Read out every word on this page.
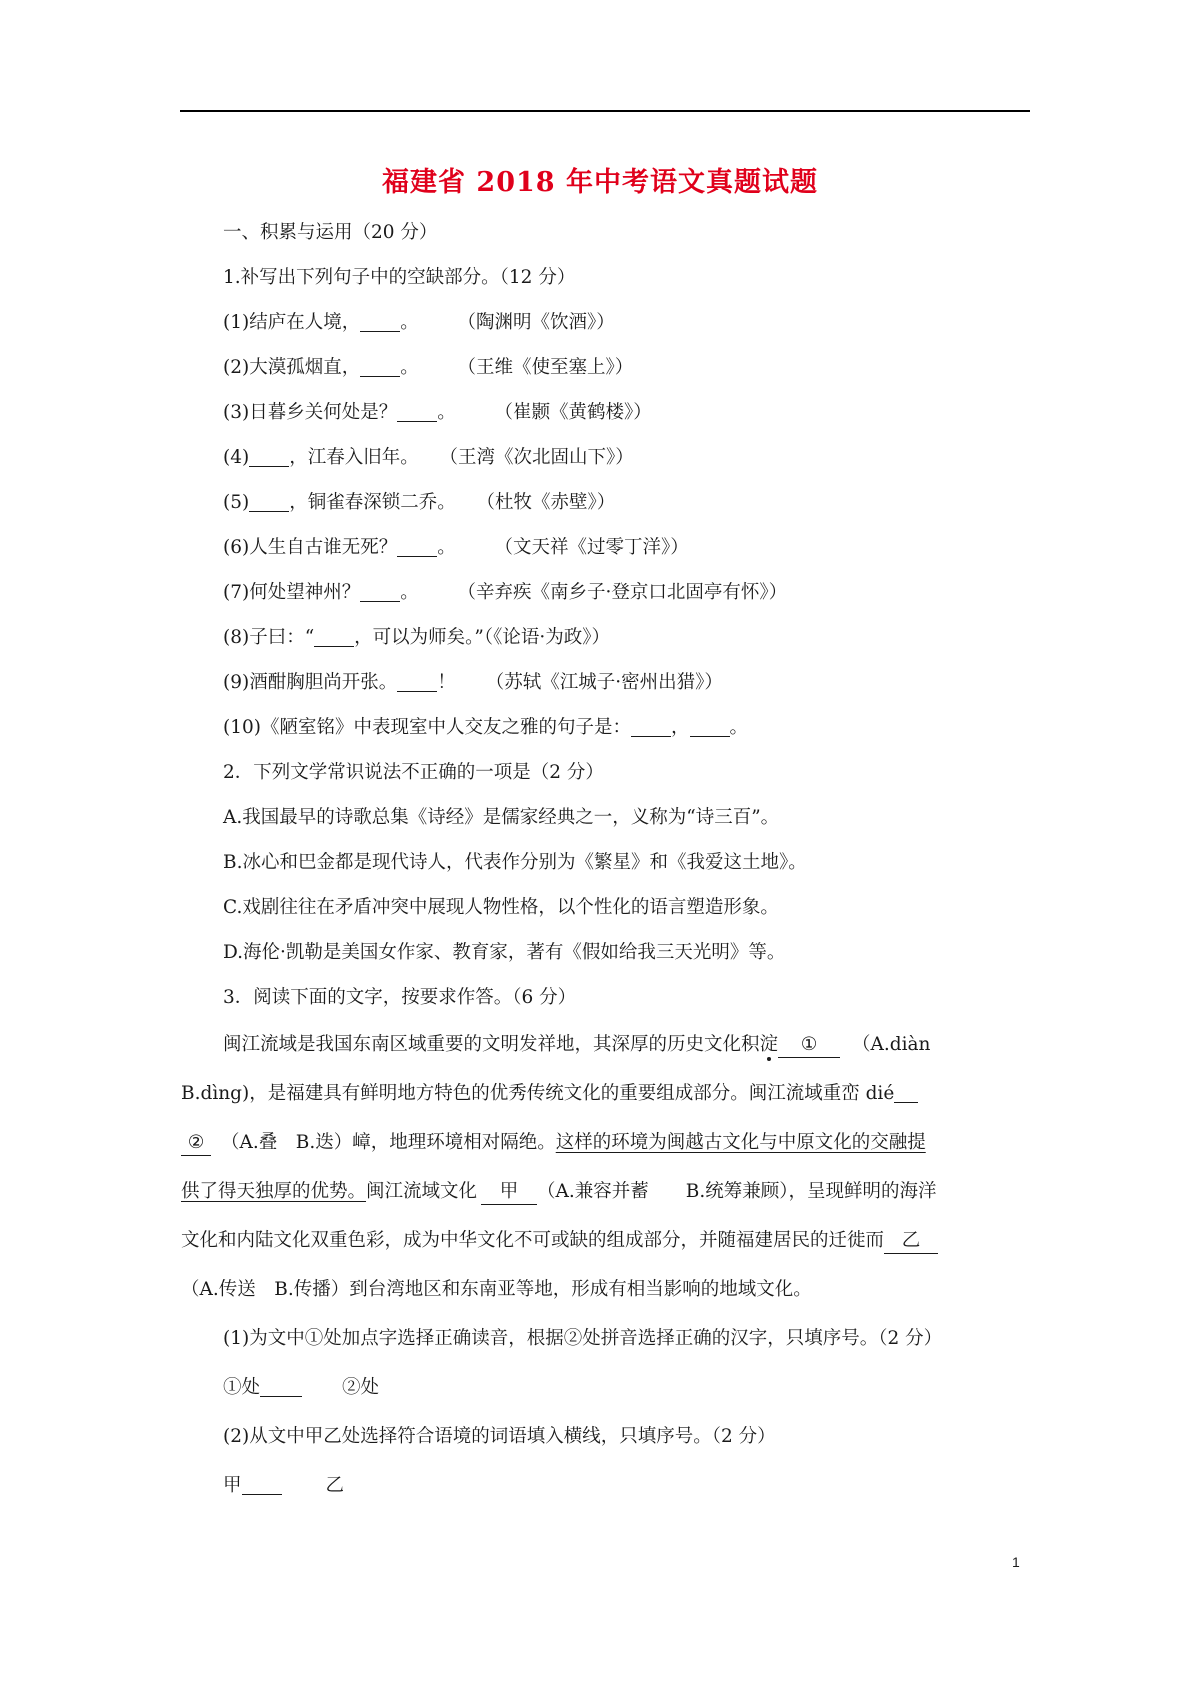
福建省 2018 年中考语文真题试题
一、积累与运用（20 分）
1.补写出下列句子中的空缺部分。（12 分）
(1)结庐在人境， 。	（陶渊明《饮酒》）
(2)大漠孤烟直， 。	（王维《使至塞上》）
(3)日暮乡关何处是？ 。	（崔颢《黄鹤楼》）
(4) ，江春入旧年。 （王湾《次北固山下》）
(5) ，铜雀春深锁二乔。 （杜牧《赤壁》）
(6)人生自古谁无死？ 。	（文天祥《过零丁洋》）
(7)何处望神州？ 。	（辛弃疾《南乡子·登京口北固亭有怀》）
(8)子曰：“ ，可以为师矣。”（《论语·为政》）
(9)酒酣胸胆尚开张。 ！ （苏轼《江城子·密州出猎》）
(10)《陋室铭》中表现室中人交友之雅的句子是： ， 。
2．下列文学常识说法不正确的一项是（2 分）
A.我国最早的诗歌总集《诗经》是儒家经典之一，义称为“诗三百”。
B.冰心和巴金都是现代诗人，代表作分别为《繁星》和《我爱这土地》。
C.戏剧往往在矛盾冲突中展现人物性格，以个性化的语言塑造形象。
D.海伦·凯勒是美国女作家、教育家，著有《假如给我三天光明》等。
3．阅读下面的文字，按要求作答。（6 分）
闽江流域是我国东南区域重要的文明发祥地，其深厚的历史文化积淀 ① （A.diàn
B.dìng)，是福建具有鲜明地方特色的优秀传统文化的重要组成部分。闽江流域重峦 dié
② （A.叠　B.迭）嶂，地理环境相对隔绝。这样的环境为闽越古文化与中原文化的交融提
供了得天独厚的优势。闽江流域文化 甲 （A.兼容并蓄　　B.统筹兼顾），呈现鲜明的海洋
文化和内陆文化双重色彩，成为中华文化不可或缺的组成部分，并随福建居民的迁徙而 乙
（A.传送　B.传播）到台湾地区和东南亚等地，形成有相当影响的地域文化。
(1)为文中①处加点字选择正确读音，根据②处拼音选择正确的汉字，只填序号。（2 分）
①处	②处
(2)从文中甲乙处选择符合语境的词语填入横线，只填序号。（2 分）
甲	乙
1
